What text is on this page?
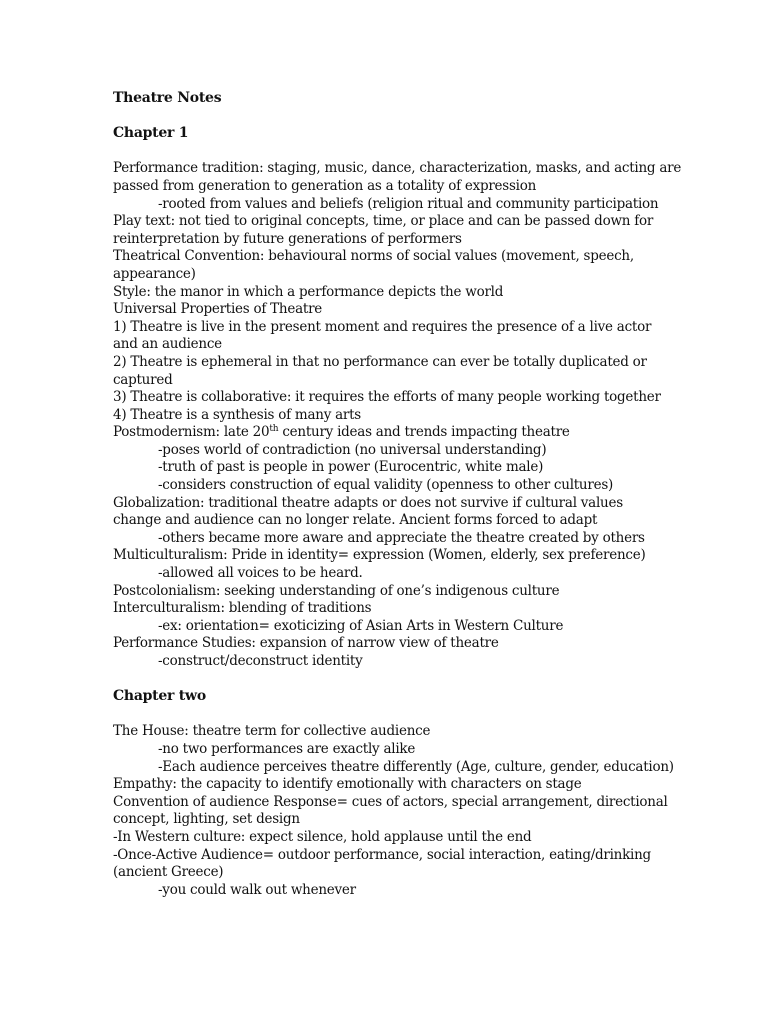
Theatre Notes
Chapter 1
Performance tradition: staging, music, dance, characterization, masks, and acting are
passed from generation to generation as a totality of expression
-rooted from values and beliefs (religion ritual and community participation
Play text: not tied to original concepts, time, or place and can be passed down for
reinterpretation by future generations of performers
Theatrical Convention: behavioural norms of social values (movement, speech,
appearance)
Style: the manor in which a performance depicts the world
Universal Properties of Theatre
1) Theatre is live in the present moment and requires the presence of a live actor
and an audience
2) Theatre is ephemeral in that no performance can ever be totally duplicated or
captured
3) Theatre is collaborative: it requires the efforts of many people working together
4) Theatre is a synthesis of many arts
Postmodernism: late 20th century ideas and trends impacting theatre
-poses world of contradiction (no universal understanding)
-truth of past is people in power (Eurocentric, white male)
-considers construction of equal validity (openness to other cultures)
Globalization: traditional theatre adapts or does not survive if cultural values
change and audience can no longer relate. Ancient forms forced to adapt
-others became more aware and appreciate the theatre created by others
Multiculturalism: Pride in identity= expression (Women, elderly, sex preference)
-allowed all voices to be heard.
Postcolonialism: seeking understanding of one’s indigenous culture
Interculturalism: blending of traditions
-ex: orientation= exoticizing of Asian Arts in Western Culture
Performance Studies: expansion of narrow view of theatre
-construct/deconstruct identity
Chapter two
The House: theatre term for collective audience
-no two performances are exactly alike
-Each audience perceives theatre differently (Age, culture, gender, education)
Empathy: the capacity to identify emotionally with characters on stage
Convention of audience Response= cues of actors, special arrangement, directional
concept, lighting, set design
-In Western culture: expect silence, hold applause until the end
-Once-Active Audience= outdoor performance, social interaction, eating/drinking
(ancient Greece)
-you could walk out whenever
